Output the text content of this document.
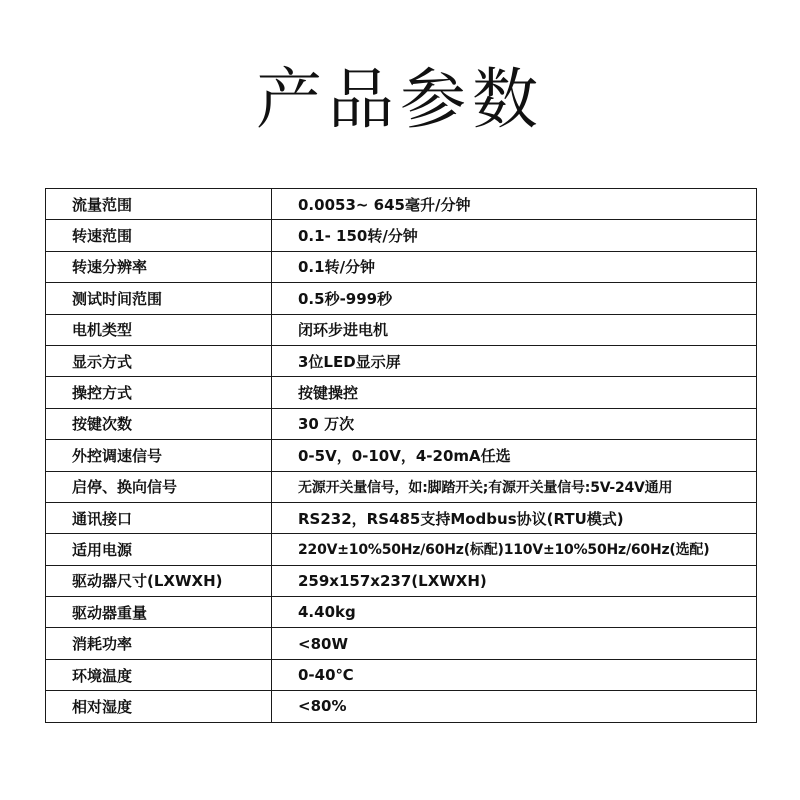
产品参数
流量范围	0.0053~ 645毫升/分钟
转速范围	0.1- 150转/分钟
转速分辨率	0.1转/分钟
测试时间范围	0.5秒-999秒
电机类型	闭环步进电机
显示方式	3位LED显示屏
操控方式	按键操控
按键次数	30 万次
外控调速信号	0-5V，0-10V，4-20mA任选
启停、换向信号	无源开关量信号，如:脚踏开关;有源开关量信号:5V-24V通用
通讯接口	RS232，RS485支持Modbus协议(RTU模式)
适用电源	220V±10%50Hz/60Hz(标配)110V±10%50Hz/60Hz(选配)
驱动器尺寸(LXWXH)	259x157x237(LXWXH)
驱动器重量	4.40kg
消耗功率	<80W
环境温度	0-40℃
相对湿度	<80%
